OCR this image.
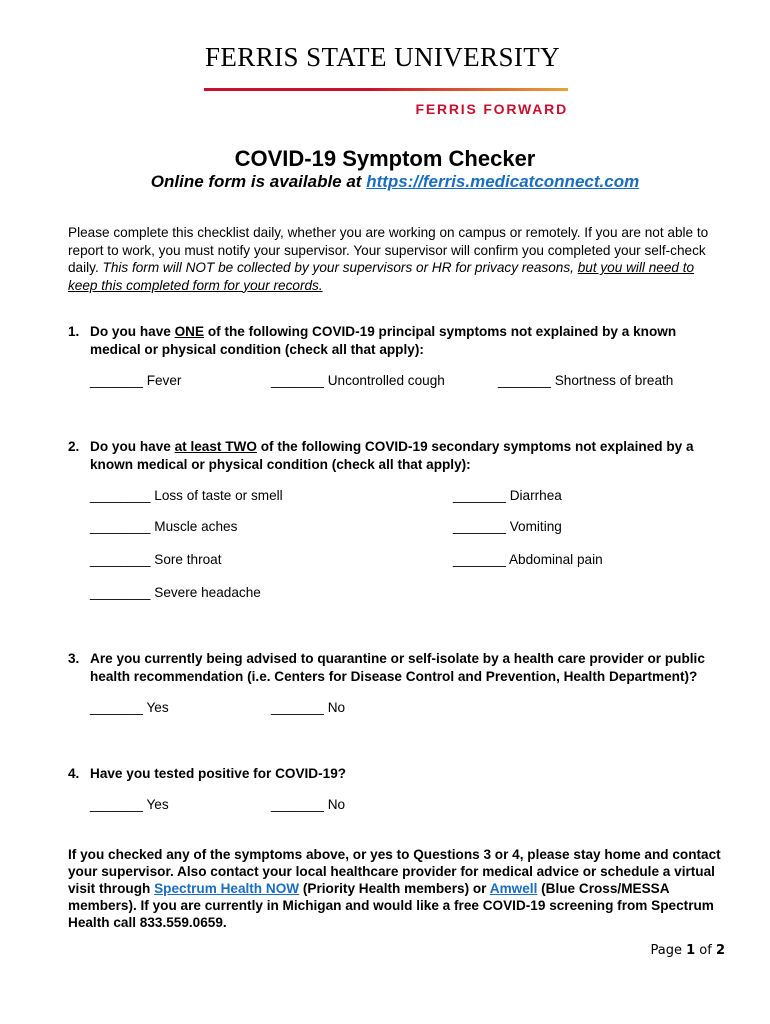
FERRIS STATE UNIVERSITY
FERRIS FORWARD
COVID-19 Symptom Checker
Online form is available at https://ferris.medicatconnect.com
Please complete this checklist daily, whether you are working on campus or remotely. If you are not able to report to work, you must notify your supervisor. Your supervisor will confirm you completed your self-check daily. This form will NOT be collected by your supervisors or HR for privacy reasons, but you will need to keep this completed form for your records.
1. Do you have ONE of the following COVID-19 principal symptoms not explained by a known medical or physical condition (check all that apply):
_______ Fever	_______ Uncontrolled cough	_______ Shortness of breath
2. Do you have at least TWO of the following COVID-19 secondary symptoms not explained by a known medical or physical condition (check all that apply):
________ Loss of taste or smell	_______ Diarrhea
________ Muscle aches	_______ Vomiting
________ Sore throat	_______ Abdominal pain
________ Severe headache
3. Are you currently being advised to quarantine or self-isolate by a health care provider or public health recommendation (i.e. Centers for Disease Control and Prevention, Health Department)?
_______ Yes	_______ No
4. Have you tested positive for COVID-19?
_______ Yes	_______ No
If you checked any of the symptoms above, or yes to Questions 3 or 4, please stay home and contact your supervisor. Also contact your local healthcare provider for medical advice or schedule a virtual visit through Spectrum Health NOW (Priority Health members) or Amwell (Blue Cross/MESSA members). If you are currently in Michigan and would like a free COVID-19 screening from Spectrum Health call 833.559.0659.
Page 1 of 2
